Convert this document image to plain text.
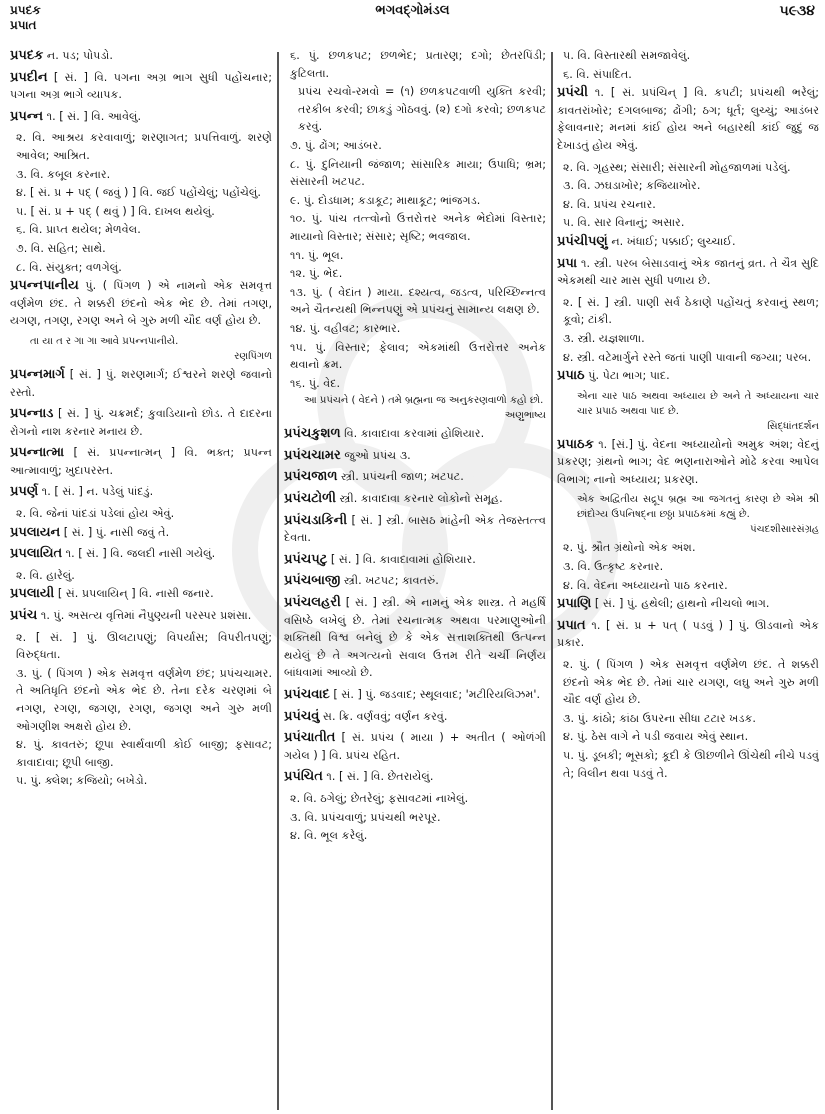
પ્રપદક
પ્રપાત
ભગવદ્‌ગોમંડલ	૫૯૩૪
પ્રપદક ન. પડ; પોપડો.
પ્રપદીન [ સં. ] વિ. પગના અગ્ર ભાગ સુધી પહોંચનાર; પગના અગ્ર ભાગે વ્યાપક.
પ્રપન્ન ૧. [ સં. ] વિ. આવેલું.
૨. વિ. આશ્રય કરવાવાળું; શરણાગત; પ્રપત્તિવાળું. શરણે આવેલ; આશ્રિત.
૩. વિ. કબૂલ કરનાર.
૪. [ સં. પ્ર + પદ્ ( જવું ) ] વિ. જઈ પહોંચેલું; પહોંચેલું.
૫. [ સં. પ્ર + પદ્ ( થવું ) ] વિ. દાખલ થયેલું.
૬. વિ. પ્રાપ્ત થયેલ; મેળવેલ.
૭. વિ. સહિત; સાથે.
૮. વિ. સંયુક્ત; વળગેલું.
પ્રપન્નપાનીય પું. ( પિંગળ ) એ નામનો એક સમવૃત્ત વર્ણમેળ છંદ. તે શક્કરી છંદનો એક ભેદ છે. તેમાં તગણ, યગણ, તગણ, રગણ અને બે ગુરુ મળી ચૌદ વર્ણ હોય છે.
તા યા ત ર ગા ગા આવે પ્રપન્નપાનીયે.
રણપિંગળ
પ્રપન્નમાર્ગ [ સં. ] પું. શરણમાર્ગ; ઈશ્વરને શરણે જવાનો રસ્તો.
પ્રપન્નાડ [ સં. ] પું. ચક્રમર્દ; કુવાડિયાનો છોડ. તે દાદરના રોગનો નાશ કરનાર મનાય છે.
પ્રપન્નાત્મા [ સં. પ્રપન્નાત્મન્ ] વિ. ભક્ત; પ્રપન્ન આત્માવાળું; ખુદાપરસ્ત.
પ્રપર્ણ ૧. [ સં. ] ન. પડેલું પાંદડું.
૨. વિ. જેનાં પાંદડાં પડેલાં હોય એવું.
પ્રપલાયન [ સં. ] પું. નાસી જવું તે.
પ્રપલાયિત ૧. [ સં. ] વિ. જલદી નાસી ગયેલું.
૨. વિ. હારેલું.
પ્રપલાયી [ સં. પ્રપલાયિન્ ] વિ. નાસી જનાર.
પ્રપંચ ૧. પું. અસત્ય વૃત્તિમાં નૈપુણ્યની પરસ્પર પ્રશંસા.
૨. [ સં. ] પું. ઊલટાપણું; વિપર્યાસ; વિપરીતપણું; વિરુદ્ધતા.
૩. પું. ( પિંગળ ) એક સમવૃત્ત વર્ણમેળ છંદ; પ્રપંચચામર. તે અતિધૃતિ છંદનો એક ભેદ છે. તેના દરેક ચરણમાં બે નગણ, રગણ, જગણ, રગણ, જગણ અને ગુરુ મળી ઓગણીશ અક્ષરો હોય છે.
૪. પું. કાવતરું; છૂપા સ્વાર્થવાળી કોઈ બાજી; ફસાવટ; કાવાદાવા; છૂપી બાજી.
૫. પું. ક્લેશ; કજિયો; બખેડો.
૬. પું. છળકપટ; છળભેદ; પ્રતારણ; દગો; છેતરપિંડી; કુટિલતા.
પ્રપંચ રચવો-રમવો = (૧) છળકપટવાળી યુક્તિ કરવી; તરકીબ કરવી; છાકડું ગોઠવવું. (૨) દગો કરવો; છળકપટ કરવું.
૭. પું. ઢોંગ; આડંબર.
૮. પું. દુનિયાની જંજાળ; સાંસારિક માયા; ઉપાધિ; ભ્રમ; સંસારની ખટપટ.
૯. પું. દોડધામ; કડાકૂટ; માથાકૂટ; ભાંજગડ.
૧૦. પું. પાંચ તત્ત્વોનો ઉત્તરોત્તર અનેક ભેદોમાં વિસ્તાર; માયાનો વિસ્તાર; સંસાર; સૃષ્ટિ; ભવજાલ.
૧૧. પું. ભૂલ.
૧૨. પું. ભેદ.
૧૩. પું. ( વેદાંત ) માયા. દશ્યત્વ, જડત્વ, પરિચ્છિન્નત્વ અને ચૈતન્યથી ભિન્નપણું એ પ્રપંચનું સામાન્ય લક્ષણ છે.
૧૪. પું. વહીવટ; કારભાર.
૧૫. પું. વિસ્તાર; ફેલાવ; એકમાંથી ઉત્તરોત્તર અનેક થવાનો ક્રમ.
૧૬. પું. વેદ.
આ પ્રપંચને ( વેદને ) તમે બ્રહ્મના જ અનુકરણવાળો કહો છો.
અણુભાષ્ય
પ્રપંચકુશળ વિ. કાવાદાવા કરવામાં હોશિયાર.
પ્રપંચચામર જુઓ પ્રપંચ ૩.
પ્રપંચજાળ સ્ત્રી. પ્રપંચની જાળ; ખટપટ.
પ્રપંચટોળી સ્ત્રી. કાવાદાવા કરનાર લોકોનો સમૂહ.
પ્રપંચડાકિની [ સં. ] સ્ત્રી. બાસઠ માંહેની એક તેજસ્તત્ત્વ દેવતા.
પ્રપંચપટુ [ સં. ] વિ. કાવાદાવામાં હોશિયાર.
પ્રપંચબાજી સ્ત્રી. ખટપટ; કાવતરું.
પ્રપંચલહરી [ સં. ] સ્ત્રી. એ નામનું એક શાસ્ત્ર. તે મહર્ષિ વસિષ્ઠે લખેલું છે. તેમાં રચનાત્મક અથવા પરમાણુઓની શક્તિથી વિશ્વ બનેલું છે કે એક સત્તાશક્તિથી ઉત્પન્ન થયેલું છે તે અગત્યનો સવાલ ઉત્તમ રીતે ચર્ચી નિર્ણય બાંધવામાં આવ્યો છે.
પ્રપંચવાદ [ સં. ] પું. જડવાદ; સ્થૂલવાદ; 'મટીરિયલિઝમ'.
પ્રપંચવું સ. ક્રિ. વર્ણવવું; વર્ણન કરવું.
પ્રપંચાતીત [ સં. પ્રપંચ ( માયા ) + અતીત ( ઓળંગી ગયેલ ) ] વિ. પ્રપંચ રહિત.
પ્રપંચિત ૧. [ સં. ] વિ. છેતરાયેલું.
૨. વિ. ઠગેલું; છેતરેલું; ફસાવટમાં નાખેલું.
૩. વિ. પ્રપંચવાળું; પ્રપંચથી ભરપૂર.
૪. વિ. ભૂલ કરેલું.
૫. વિ. વિસ્તારથી સમજાવેલું.
૬. વિ. સંપાદિત.
પ્રપંચી ૧. [ સં. પ્રપંચિન્ ] વિ. કપટી; પ્રપંચથી ભરેલું; કાવતરાંખોર; દગલબાજ; ઢોંગી; ઠગ; ધૂર્ત; લુચ્ચું; આડંબર ફેલાવનાર; મનમાં કાંઈ હોય અને બહારથી કાંઈ જુદું જ દેખાડતું હોય એવું.
૨. વિ. ગૃહસ્થ; સંસારી; સંસારની મોહજાળમાં પડેલું.
૩. વિ. ઝઘડાખોર; કજિયાખોર.
૪. વિ. પ્રપંચ રચનાર.
૫. વિ. સાર વિનાનું; અસાર.
પ્રપંચીપણું ન. ખંધાઈ; પક્કાઈ; લુચ્ચાઈ.
પ્રપા ૧. સ્ત્રી. પરબ બેસાડવાનું એક જાતનું વ્રત. તે ચૈત્ર સુદિ એકમથી ચાર માસ સુધી પળાય છે.
૨. [ સં. ] સ્ત્રી. પાણી સર્વ ઠેકાણે પહોંચતું કરવાનું સ્થળ; કૂવો; ટાંકી.
૩. સ્ત્રી. યજ્ઞશાળા.
૪. સ્ત્રી. વટેમાર્ગુને રસ્તે જતાં પાણી પાવાની જગ્યા; પરબ.
પ્રપાઠ પું. પેટા ભાગ; પાદ.
એના ચાર પાઠ અથવા અધ્યાય છે અને તે અધ્યાયના ચાર ચાર પ્રપાઠ અથવા પાદ છે.
સિદ્ધાંતદર્શન
પ્રપાઠક ૧. [સં.] પું. વેદના અધ્યાયોનો અમુક અંશ; વેદનું પ્રકરણ; ગ્રંથનો ભાગ; વેદ ભણનારાઓને મોઢે કરવા આપેલ વિભાગ; નાનો અધ્યાય; પ્રકરણ.
એક અદ્વિતીય સદ્રૂપ બ્રહ્મ આ જગતનું કારણ છે એમ શ્રી છાંદોગ્ય ઉપનિષદ્‌ના છઠ્ઠા પ્રપાઠકમાં કહ્યું છે.
પંચદશીસારસંગ્રહ
૨. પું. શ્રૌત ગ્રંથોનો એક અંશ.
૩. વિ. ઉત્કૃષ્ટ કરનાર.
૪. વિ. વેદના અધ્યાયનો પાઠ કરનાર.
પ્રપાણિ [ સં. ] પું. હથેલી; હાથનો નીચલો ભાગ.
પ્રપાત ૧. [ સં. પ્ર + પત્ ( પડવું ) ] પું. ઊડવાનો એક પ્રકાર.
૨. પું. ( પિંગળ ) એક સમવૃત્ત વર્ણમેળ છંદ. તે શક્કરી છંદનો એક ભેદ છે. તેમાં ચાર યગણ, લઘુ અને ગુરુ મળી ચૌદ વર્ણ હોય છે.
૩. પું. કાંઠો; કાંઠા ઉપરના સીધા ટટાર ખડક.
૪. પું. ઠેસ વાગે ને પડી જવાય એવું સ્થાન.
૫. પું. ડૂબકી; ભૂસકો; કૂદી કે ઊછળીને ઊંચેથી નીચે પડવું તે; વિલીન થવા પડવું તે.
